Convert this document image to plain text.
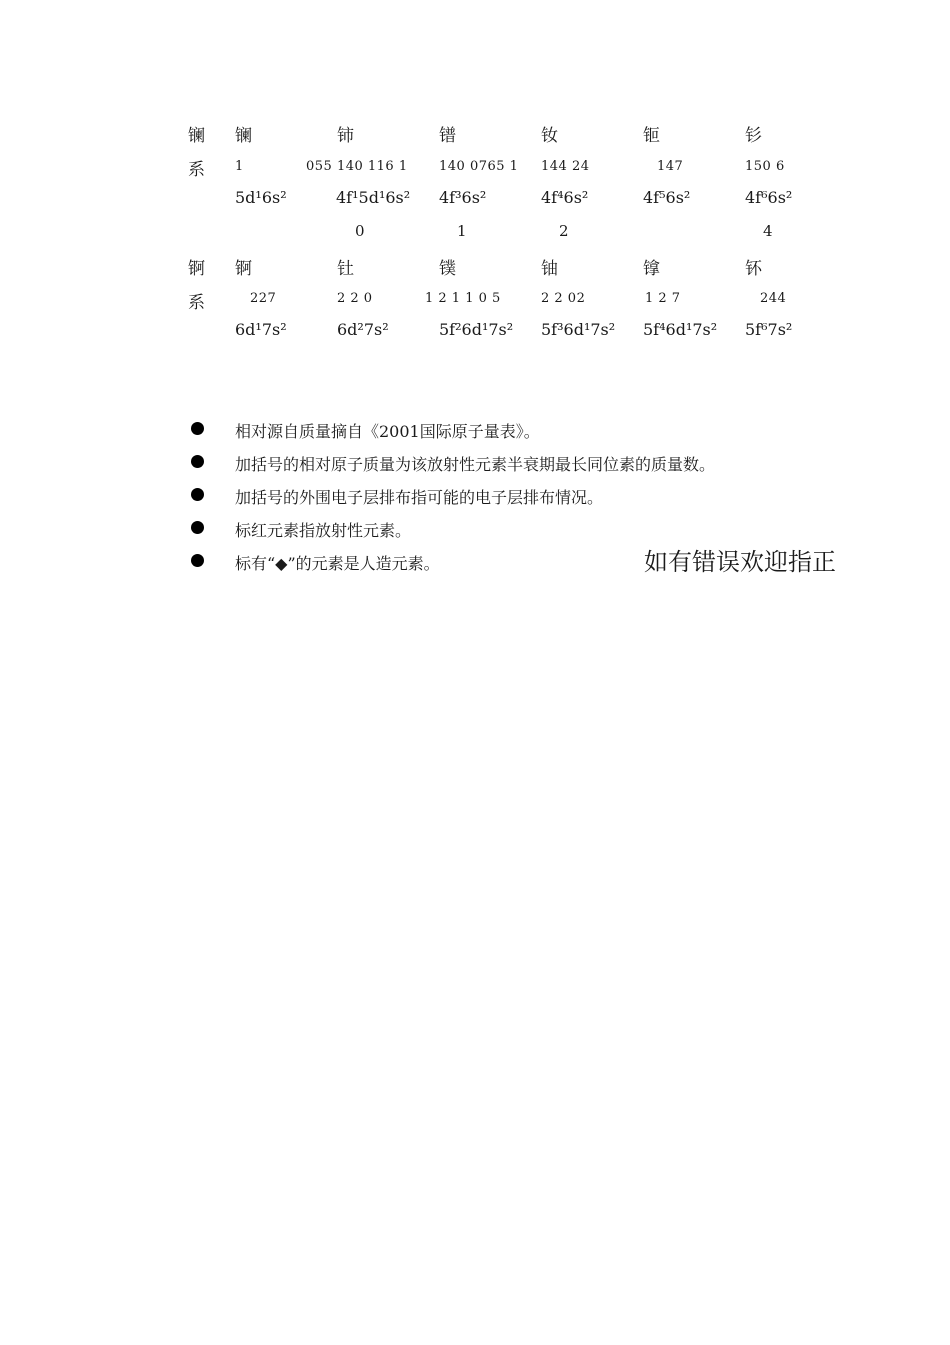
镧
系
镧
1
5d¹6s²
铈
055 140 116 1
4f¹5d¹6s²
0
镨
140 0765 1
4f³6s²
1
钕
144 24
4f⁴6s²
2
钷
147
4f⁵6s²
钐
150 6
4f⁶6s²
4
锕
系
锕
227
6d¹7s²
钍
2 2 0
6d²7s²
镤
1 2 1 1 0 5
5f²6d¹7s²
铀
2 2 02
5f³6d¹7s²
镎
1 2 7
5f⁴6d¹7s²
钚
244
5f⁶7s²
相对源自质量摘自《2001国际原子量表》。
加括号的相对原子质量为该放射性元素半衰期最长同位素的质量数。
加括号的外围电子层排布指可能的电子层排布情况。
标红元素指放射性元素。
标有“◆”的元素是人造元素。	如有错误欢迎指正
